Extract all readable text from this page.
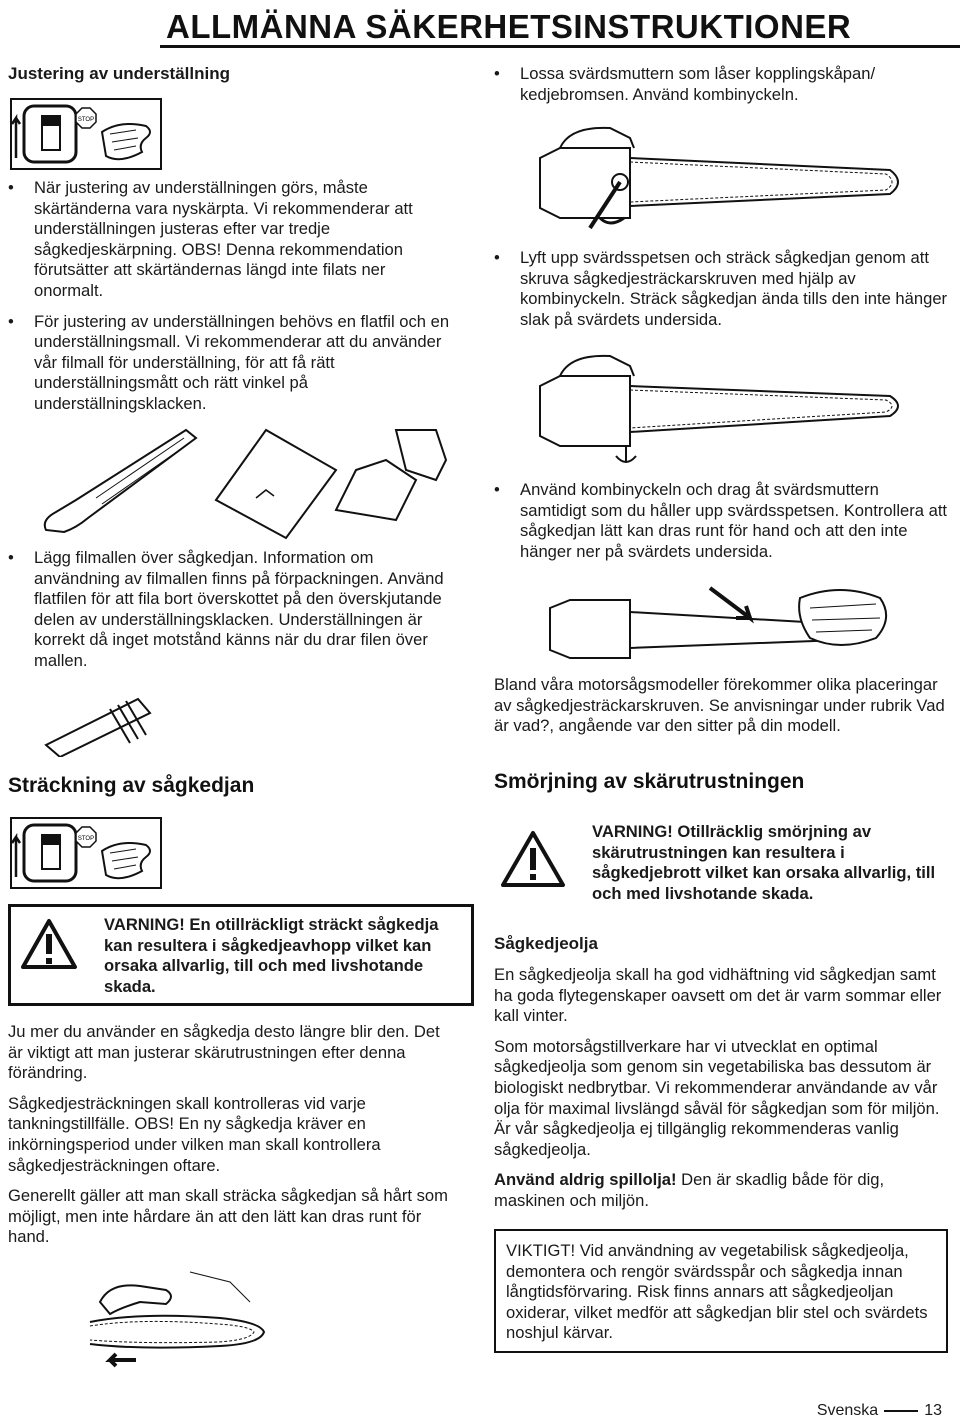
ALLMÄNNA SÄKERHETSINSTRUKTIONER
Justering av underställning
STOP
• När justering av underställningen görs, måste skärtänderna vara nyskärpta. Vi rekommenderar att underställningen justeras efter var tredje sågkedjeskärpning. OBS! Denna rekommendation förutsätter att skärtändernas längd inte filats ner onormalt.
• För justering av underställningen behövs en flatfil och en underställningsmall. Vi rekommenderar att du använder vår filmall för underställning, för att få rätt underställningsmått och rätt vinkel på underställningsklacken.
• Lägg filmallen över sågkedjan. Information om användning av filmallen finns på förpackningen. Använd flatfilen för att fila bort överskottet på den överskjutande delen av underställningsklacken. Underställningen är korrekt då inget motstånd känns när du drar filen över mallen.
Sträckning av sågkedjan
STOP
VARNING! En otillräckligt sträckt sågkedja kan resultera i sågkedjeavhopp vilket kan orsaka allvarlig, till och med livshotande skada.

Ju mer du använder en sågkedja desto längre blir den. Det är viktigt att man justerar skärutrustningen efter denna förändring.

Sågkedjesträckningen skall kontrolleras vid varje tankningstillfälle. OBS! En ny sågkedja kräver en inkörningsperiod under vilken man skall kontrollera sågkedjesträckningen oftare.

Generellt gäller att man skall sträcka sågkedjan så hårt som möjligt, men inte hårdare än att den lätt kan dras runt för hand.

• Lossa svärdsmuttern som låser kopplingskåpan/ kedjebromsen. Använd kombinyckeln.
• Lyft upp svärdsspetsen och sträck sågkedjan genom att skruva sågkedjesträckarskruven med hjälp av kombinyckeln. Sträck sågkedjan ända tills den inte hänger slak på svärdets undersida.
• Använd kombinyckeln och drag åt svärdsmuttern samtidigt som du håller upp svärdsspetsen. Kontrollera att sågkedjan lätt kan dras runt för hand och att den inte hänger ner på svärdets undersida.

Bland våra motorsågsmodeller förekommer olika placeringar av sågkedjesträckarskruven. Se anvisningar under rubrik Vad är vad?, angående var den sitter på din modell.

Smörjning av skärutrustningen
VARNING! Otillräcklig smörjning av skärutrustningen kan resultera i sågkedjebrott vilket kan orsaka allvarlig, till och med livshotande skada.
Sågkedjeolja

En sågkedjeolja skall ha god vidhäftning vid sågkedjan samt ha goda flytegenskaper oavsett om det är varm sommar eller kall vinter.

Som motorsågstillverkare har vi utvecklat en optimal sågkedjeolja som genom sin vegetabiliska bas dessutom är biologiskt nedbrytbar. Vi rekommenderar användande av vår olja för maximal livslängd såväl för sågkedjan som för miljön. Är vår sågkedjeolja ej tillgänglig rekommenderas vanlig sågkedjeolja.

Använd aldrig spillolja! Den är skadlig både för dig, maskinen och miljön.

VIKTIGT! Vid användning av vegetabilisk sågkedjeolja, demontera och rengör svärdsspår och sågkedja innan långtidsförvaring. Risk finns annars att sågkedjeoljan oxiderar, vilket medför att sågkedjan blir stel och svärdets noshjul kärvar.
Svenska	13
